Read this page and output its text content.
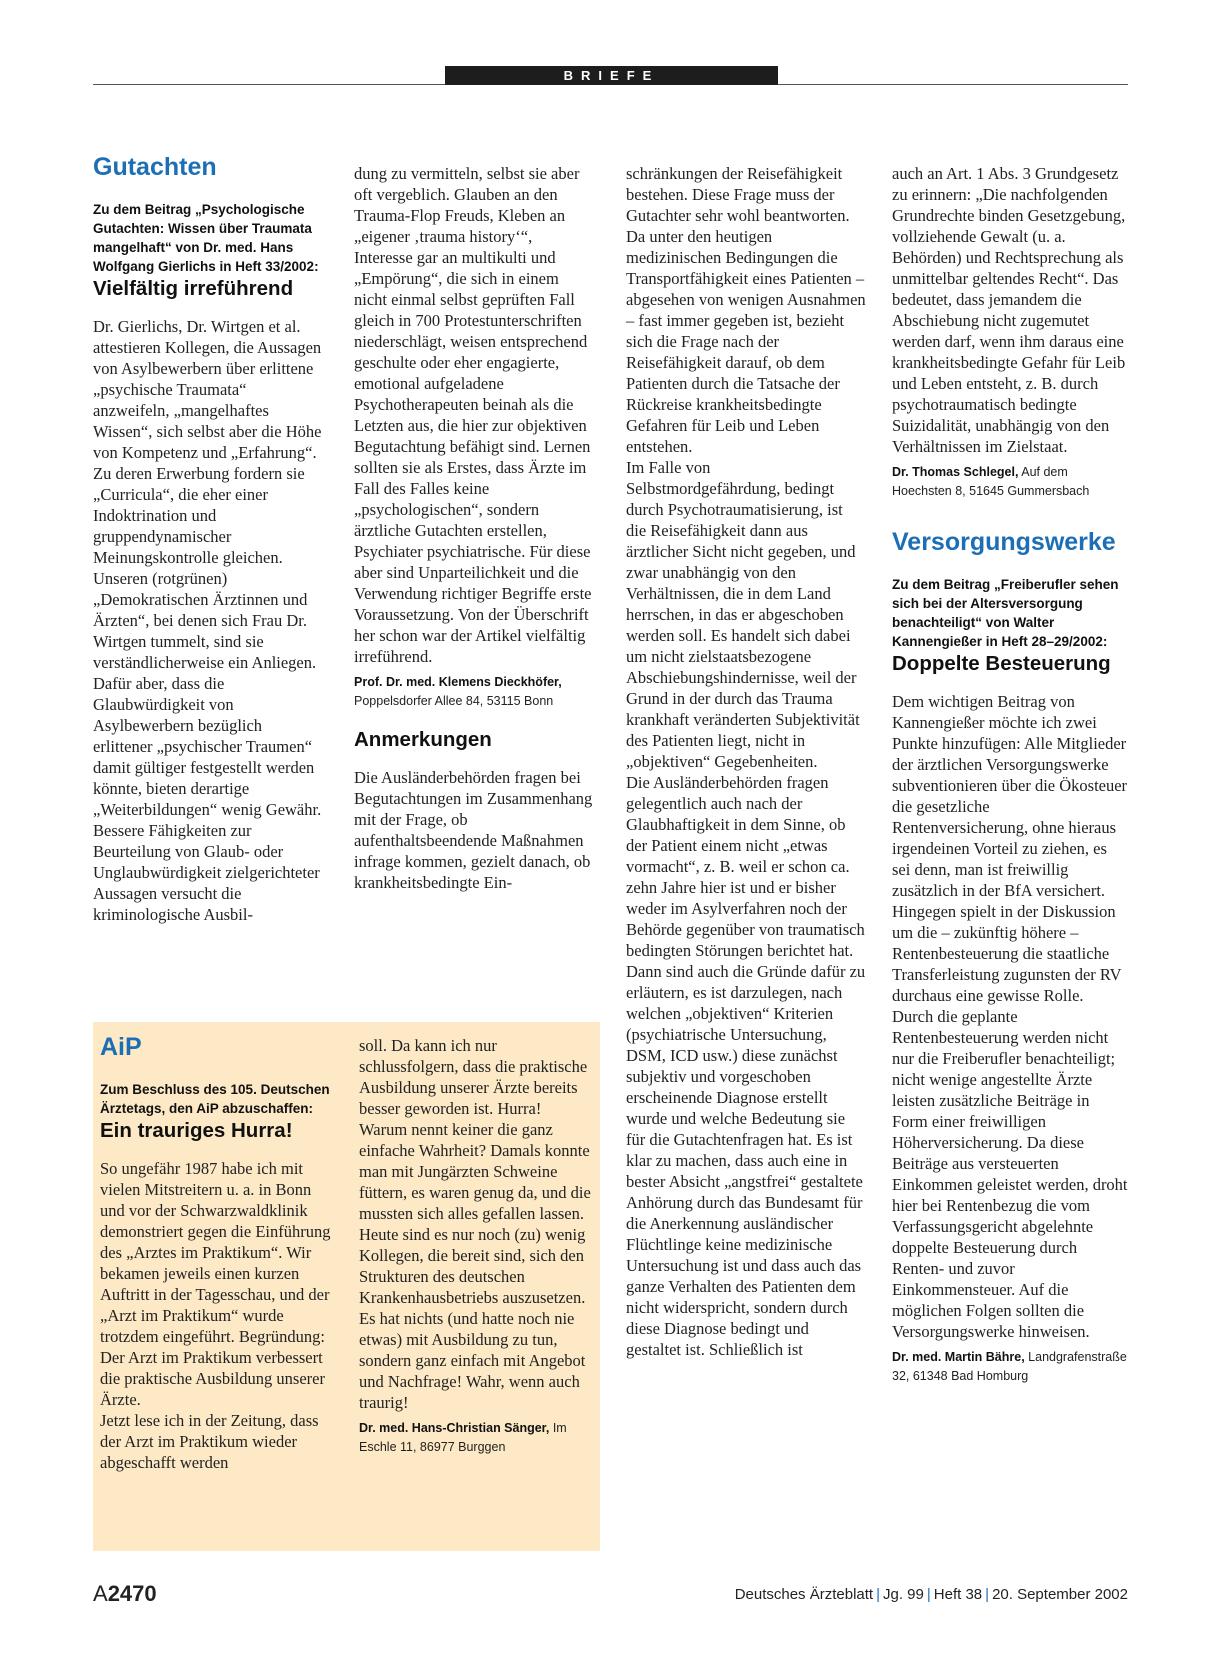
BRIEFE
Gutachten

Zu dem Beitrag „Psychologische Gutachten: Wissen über Traumata mangelhaft“ von Dr. med. Hans Wolfgang Gierlichs in Heft 33/2002:

Vielfältig irreführend

Dr. Gierlichs, Dr. Wirtgen et al. attestieren Kollegen, die Aussagen von Asylbewerbern über erlittene „psychische Traumata“ anzweifeln, „mangelhaftes Wissen“, sich selbst aber die Höhe von Kompetenz und „Erfahrung“. Zu deren Erwerbung fordern sie „Curricula“, die eher einer Indoktrination und gruppendynamischer Meinungskontrolle gleichen. Unseren (rotgrünen) „Demokratischen Ärztinnen und Ärzten“, bei denen sich Frau Dr. Wirtgen tummelt, sind sie verständlicherweise ein Anliegen.

Dafür aber, dass die Glaubwürdigkeit von Asylbewerbern bezüglich erlittener „psychischer Traumen“ damit gültiger festgestellt werden könnte, bieten derartige „Weiterbildungen“ wenig Gewähr. Bessere Fähigkeiten zur Beurteilung von Glaub- oder Unglaubwürdigkeit zielgerichteter Aussagen versucht die kriminologische Ausbil-

dung zu vermitteln, selbst sie aber oft vergeblich. Glauben an den Trauma-Flop Freuds, Kleben an „eigener ‚trauma history‘“, Interesse gar an multikulti und „Empörung“, die sich in einem nicht einmal selbst geprüften Fall gleich in 700 Protestunterschriften niederschlägt, weisen entsprechend geschulte oder eher engagierte, emotional aufgeladene Psychotherapeuten beinah als die Letzten aus, die hier zur objektiven Begutachtung befähigt sind. Lernen sollten sie als Erstes, dass Ärzte im Fall des Falles keine „psychologischen“, sondern ärztliche Gutachten erstellen, Psychiater psychiatrische. Für diese aber sind Unparteilichkeit und die Verwendung richtiger Begriffe erste Voraussetzung. Von der Überschrift her schon war der Artikel vielfältig irreführend.

Prof. Dr. med. Klemens Dieckhöfer, Poppelsdorfer Allee 84, 53115 Bonn
Anmerkungen

Die Ausländerbehörden fragen bei Begutachtungen im Zusammenhang mit der Frage, ob aufenthaltsbeendende Maßnahmen infrage kommen, gezielt danach, ob krankheitsbedingte Ein-

schränkungen der Reisefähigkeit bestehen. Diese Frage muss der Gutachter sehr wohl beantworten. Da unter den heutigen medizinischen Bedingungen die Transportfähigkeit eines Patienten – abgesehen von wenigen Ausnahmen – fast immer gegeben ist, bezieht sich die Frage nach der Reisefähigkeit darauf, ob dem Patienten durch die Tatsache der Rückreise krankheitsbedingte Gefahren für Leib und Leben entstehen.

Im Falle von Selbstmordgefährdung, bedingt durch Psychotraumatisierung, ist die Reisefähigkeit dann aus ärztlicher Sicht nicht gegeben, und zwar unabhängig von den Verhältnissen, die in dem Land herrschen, in das er abgeschoben werden soll. Es handelt sich dabei um nicht zielstaatsbezogene Abschiebungshindernisse, weil der Grund in der durch das Trauma krankhaft veränderten Subjektivität des Patienten liegt, nicht in „objektiven“ Gegebenheiten.

Die Ausländerbehörden fragen gelegentlich auch nach der Glaubhaftigkeit in dem Sinne, ob der Patient einem nicht „etwas vormacht“, z. B. weil er schon ca. zehn Jahre hier ist und er bisher weder im Asylverfahren noch der Behörde gegenüber von traumatisch bedingten Störungen berichtet hat. Dann sind auch die Gründe dafür zu erläutern, es ist darzulegen, nach welchen „objektiven“ Kriterien (psychiatrische Untersuchung, DSM, ICD usw.) diese zunächst subjektiv und vorgeschoben erscheinende Diagnose erstellt wurde und welche Bedeutung sie für die Gutachtenfragen hat. Es ist klar zu machen, dass auch eine in bester Absicht „angstfrei“ gestaltete Anhörung durch das Bundesamt für die Anerkennung ausländischer Flüchtlinge keine medizinische Untersuchung ist und dass auch das ganze Verhalten des Patienten dem nicht widerspricht, sondern durch diese Diagnose bedingt und gestaltet ist. Schließlich ist

auch an Art. 1 Abs. 3 Grundgesetz zu erinnern: „Die nachfolgenden Grundrechte binden Gesetzgebung, vollziehende Gewalt (u. a. Behörden) und Rechtsprechung als unmittelbar geltendes Recht“. Das bedeutet, dass jemandem die Abschiebung nicht zugemutet werden darf, wenn ihm daraus eine krankheitsbedingte Gefahr für Leib und Leben entsteht, z. B. durch psychotraumatisch bedingte Suizidalität, unabhängig von den Verhältnissen im Zielstaat.

Dr. Thomas Schlegel, Auf dem Hoechsten 8, 51645 Gummersbach
Versorgungswerke

Zu dem Beitrag „Freiberufler sehen sich bei der Altersversorgung benachteiligt“ von Walter Kannengießer in Heft 28–29/2002:

Doppelte Besteuerung

Dem wichtigen Beitrag von Kannengießer möchte ich zwei Punkte hinzufügen: Alle Mitglieder der ärztlichen Versorgungswerke subventionieren über die Ökosteuer die gesetzliche Rentenversicherung, ohne hieraus irgendeinen Vorteil zu ziehen, es sei denn, man ist freiwillig zusätzlich in der BfA versichert. Hingegen spielt in der Diskussion um die – zukünftig höhere – Rentenbesteuerung die staatliche Transferleistung zugunsten der RV durchaus eine gewisse Rolle. Durch die geplante Rentenbesteuerung werden nicht nur die Freiberufler benachteiligt; nicht wenige angestellte Ärzte leisten zusätzliche Beiträge in Form einer freiwilligen Höherversicherung. Da diese Beiträge aus versteuerten Einkommen geleistet werden, droht hier bei Rentenbezug die vom Verfassungsgericht abgelehnte doppelte Besteuerung durch Renten- und zuvor Einkommensteuer. Auf die möglichen Folgen sollten die Versorgungswerke hinweisen.

Dr. med. Martin Bähre, Landgrafenstraße 32, 61348 Bad Homburg
AiP

Zum Beschluss des 105. Deutschen Ärztetags, den AiP abzuschaffen:

Ein trauriges Hurra!

So ungefähr 1987 habe ich mit vielen Mitstreitern u. a. in Bonn und vor der Schwarzwaldklinik demonstriert gegen die Einführung des „Arztes im Praktikum“. Wir bekamen jeweils einen kurzen Auftritt in der Tagesschau, und der „Arzt im Praktikum“ wurde trotzdem eingeführt. Begründung: Der Arzt im Praktikum verbessert die praktische Ausbildung unserer Ärzte.

Jetzt lese ich in der Zeitung, dass der Arzt im Praktikum wieder abgeschafft werden

soll. Da kann ich nur schlussfolgern, dass die praktische Ausbildung unserer Ärzte bereits besser geworden ist. Hurra!

Warum nennt keiner die ganz einfache Wahrheit? Damals konnte man mit Jungärzten Schweine füttern, es waren genug da, und die mussten sich alles gefallen lassen. Heute sind es nur noch (zu) wenig Kollegen, die bereit sind, sich den Strukturen des deutschen Krankenhausbetriebs auszusetzen. Es hat nichts (und hatte noch nie etwas) mit Ausbildung zu tun, sondern ganz einfach mit Angebot und Nachfrage! Wahr, wenn auch traurig!

Dr. med. Hans-Christian Sänger, Im Eschle 11, 86977 Burggen
A2470	Deutsches Ärzteblatt | Jg. 99 | Heft 38 | 20. September 2002
